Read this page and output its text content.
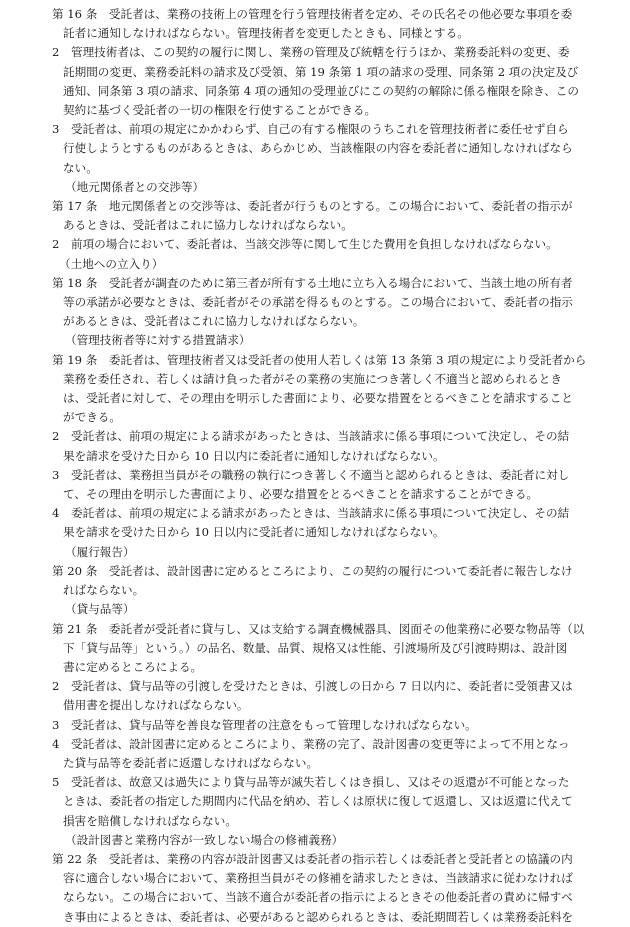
第 16 条　受託者は、業務の技術上の管理を行う管理技術者を定め、その氏名その他必要な事項を委
託者に通知しなければならない。管理技術者を変更したときも、同様とする。
2　管理技術者は、この契約の履行に関し、業務の管理及び統轄を行うほか、業務委託料の変更、委
託期間の変更、業務委託料の請求及び受領、第 19 条第 1 項の請求の受理、同条第 2 項の決定及び
通知、同条第 3 項の請求、同条第 4 項の通知の受理並びにこの契約の解除に係る権限を除き、この
契約に基づく受託者の一切の権限を行使することができる。
3　受託者は、前項の規定にかかわらず、自己の有する権限のうちこれを管理技術者に委任せず自ら
行使しようとするものがあるときは、あらかじめ、当該権限の内容を委託者に通知しなければなら
ない。
（地元関係者との交渉等）
第 17 条　地元関係者との交渉等は、委託者が行うものとする。この場合において、委託者の指示が
あるときは、受託者はこれに協力しなければならない。
2　前項の場合において、委託者は、当該交渉等に関して生じた費用を負担しなければならない。
（土地への立入り）
第 18 条　受託者が調査のために第三者が所有する土地に立ち入る場合において、当該土地の所有者
等の承諾が必要なときは、委託者がその承諾を得るものとする。この場合において、委託者の指示
があるときは、受託者はこれに協力しなければならない。
（管理技術者等に対する措置請求）
第 19 条　委託者は、管理技術者又は受託者の使用人若しくは第 13 条第 3 項の規定により受託者から
業務を委任され、若しくは請け負った者がその業務の実施につき著しく不適当と認められるとき
は、受託者に対して、その理由を明示した書面により、必要な措置をとるべきことを請求すること
ができる。
2　受託者は、前項の規定による請求があったときは、当該請求に係る事項について決定し、その結
果を請求を受けた日から 10 日以内に委託者に通知しなければならない。
3　受託者は、業務担当員がその職務の執行につき著しく不適当と認められるときは、委託者に対し
て、その理由を明示した書面により、必要な措置をとるべきことを請求することができる。
4　委託者は、前項の規定による請求があったときは、当該請求に係る事項について決定し、その結
果を請求を受けた日から 10 日以内に受託者に通知しなければならない。
（履行報告）
第 20 条　受託者は、設計図書に定めるところにより、この契約の履行について委託者に報告しなけ
ればならない。
（貸与品等）
第 21 条　委託者が受託者に貸与し、又は支給する調査機械器具、図面その他業務に必要な物品等（以
下「貸与品等」という。）の品名、数量、品質、規格又は性能、引渡場所及び引渡時期は、設計図
書に定めるところによる。
2　受託者は、貸与品等の引渡しを受けたときは、引渡しの日から 7 日以内に、委託者に受領書又は
借用書を提出しなければならない。
3　受託者は、貸与品等を善良な管理者の注意をもって管理しなければならない。
4　受託者は、設計図書に定めるところにより、業務の完了、設計図書の変更等によって不用となっ
た貸与品等を委託者に返還しなければならない。
5　受託者は、故意又は過失により貸与品等が滅失若しくはき損し、又はその返還が不可能となった
ときは、委託者の指定した期間内に代品を納め、若しくは原状に復して返還し、又は返還に代えて
損害を賠償しなければならない。
（設計図書と業務内容が一致しない場合の修補義務）
第 22 条　受託者は、業務の内容が設計図書又は委託者の指示若しくは委託者と受託者との協議の内
容に適合しない場合において、業務担当員がその修補を請求したときは、当該請求に従わなければ
ならない。この場合において、当該不適合が委託者の指示によるときその他委託者の責めに帰すべ
き事由によるときは、委託者は、必要があると認められるときは、委託期間若しくは業務委託料を
